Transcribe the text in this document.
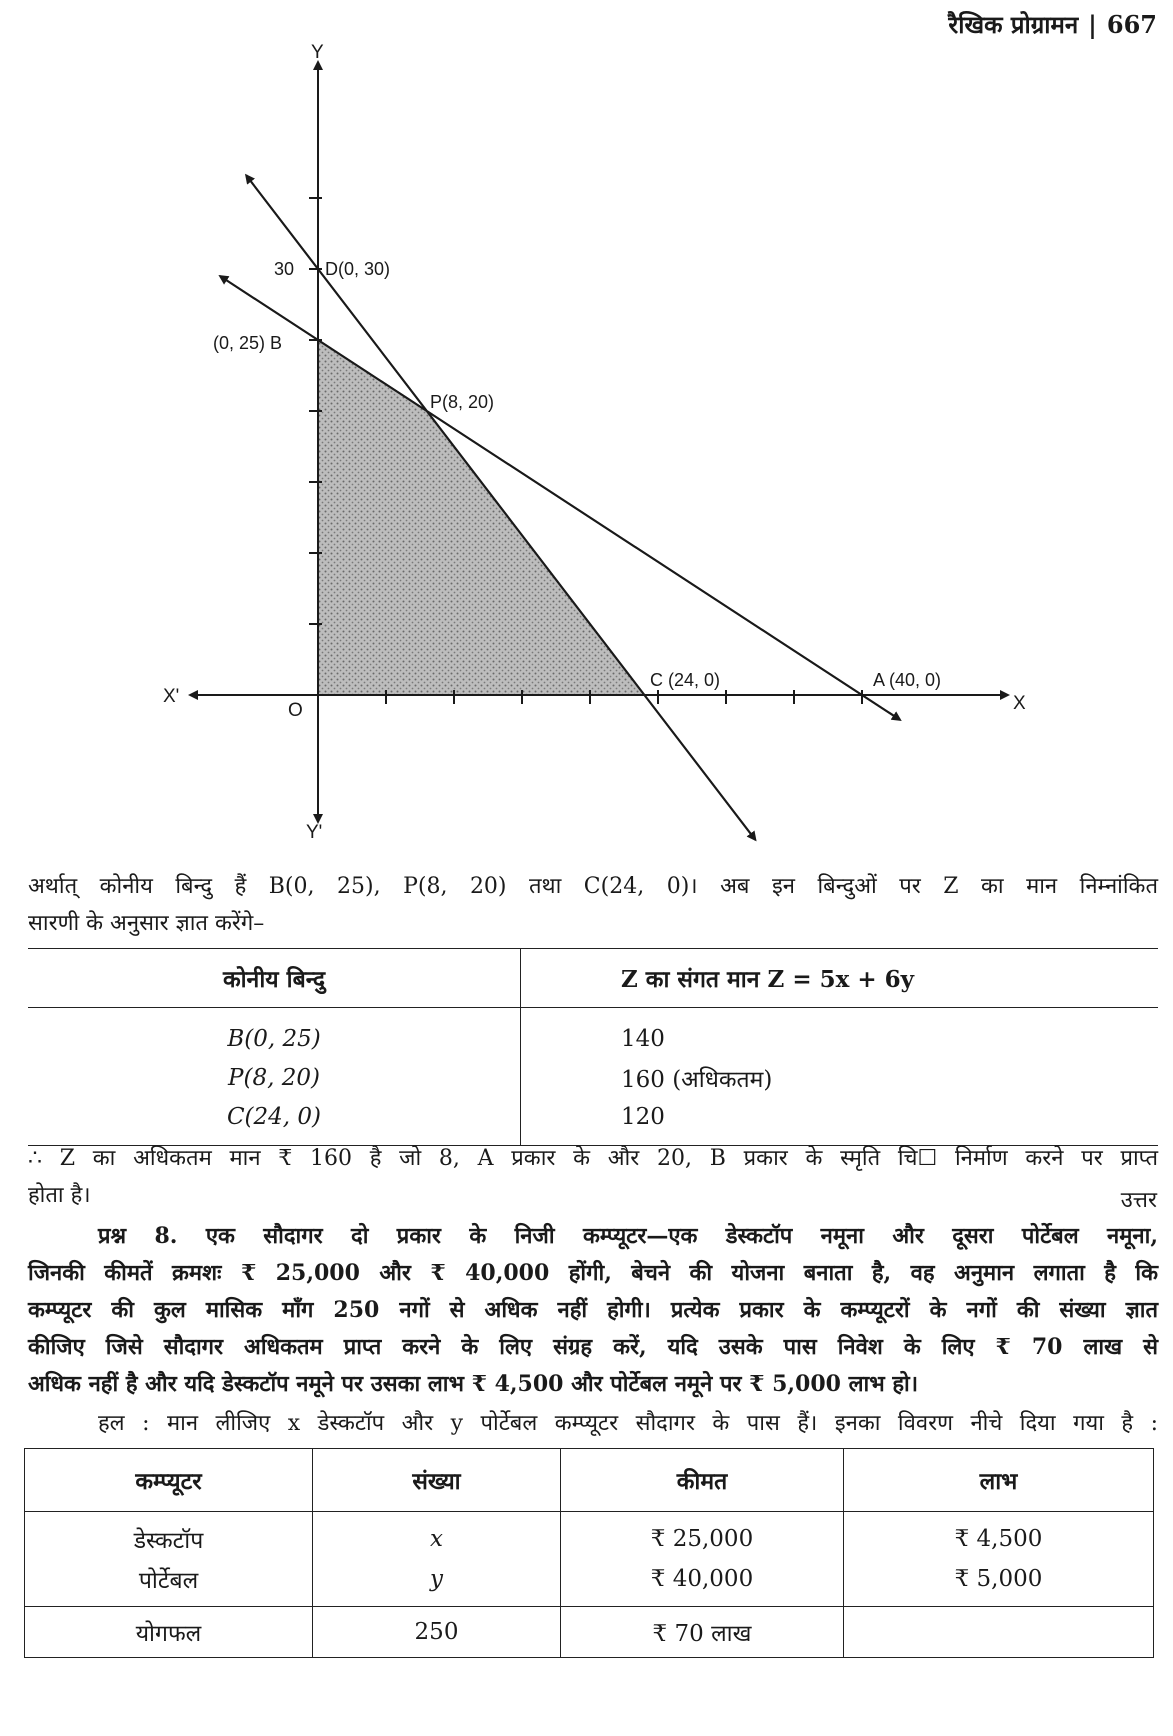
रैखिक प्रोग्रामन | 667
Y
Y'
X
X'
O
30 D(0, 30)
(0, 25) B
P(8, 20)
C (24, 0)	A (40, 0)
अर्थात् कोनीय बिन्दु हैं B(0, 25), P(8, 20) तथा C(24, 0)। अब इन बिन्दुओं पर Z का मान निम्नांकित
सारणी के अनुसार ज्ञात करेंगे–
कोनीय बिन्दु	Z का संगत मान Z = 5x + 6y
B(0, 25)	140
P(8, 20)	160 (अधिकतम)
C(24, 0)	120
∴ Z का अधिकतम मान ₹ 160 है जो 8, A प्रकार के और 20, B प्रकार के स्मृति चि☐ निर्माण करने पर प्राप्त
होता है।	उत्तर
प्रश्न 8. एक सौदागर दो प्रकार के निजी कम्प्यूटर—एक डेस्कटॉप नमूना और दूसरा पोर्टेबल नमूना,
जिनकी कीमतें क्रमशः ₹ 25,000 और ₹ 40,000 होंगी, बेचने की योजना बनाता है, वह अनुमान लगाता है कि
कम्प्यूटर की कुल मासिक माँग 250 नगों से अधिक नहीं होगी। प्रत्येक प्रकार के कम्प्यूटरों के नगों की संख्या ज्ञात
कीजिए जिसे सौदागर अधिकतम प्राप्त करने के लिए संग्रह करें, यदि उसके पास निवेश के लिए ₹ 70 लाख से
अधिक नहीं है और यदि डेस्कटॉप नमूने पर उसका लाभ ₹ 4,500 और पोर्टेबल नमूने पर ₹ 5,000 लाभ हो।
हल : मान लीजिए x डेस्कटॉप और y पोर्टेबल कम्प्यूटर सौदागर के पास हैं। इनका विवरण नीचे दिया गया है :
कम्प्यूटर	संख्या	कीमत	लाभ
डेस्कटॉप	x	₹ 25,000	₹ 4,500
पोर्टेबल	y	₹ 40,000	₹ 5,000
योगफल	250	₹ 70 लाख	
